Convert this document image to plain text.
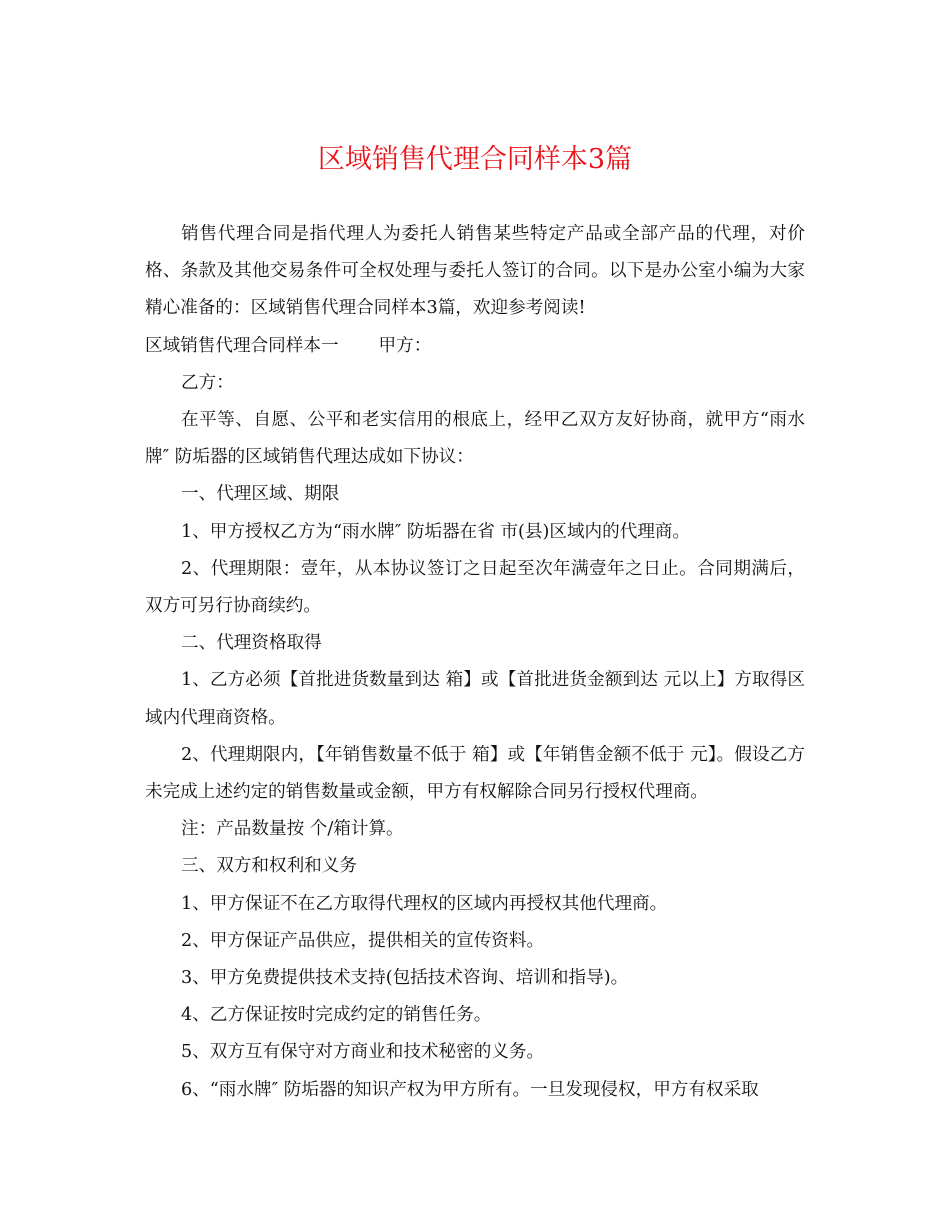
区域销售代理合同样本3篇

销售代理合同是指代理人为委托人销售某些特定产品或全部产品的代理，对价格、条款及其他交易条件可全权处理与委托人签订的合同。以下是办公室小编为大家精心准备的：区域销售代理合同样本3篇，欢迎参考阅读!

区域销售代理合同样本一 甲方：

乙方：

在平等、自愿、公平和老实信用的根底上，经甲乙双方友好协商，就甲方“雨水牌″ 防垢器的区域销售代理达成如下协议：

一、代理区域、期限

1、甲方授权乙方为“雨水牌″ 防垢器在省 市(县)区域内的代理商。

2、代理期限：壹年，从本协议签订之日起至次年满壹年之日止。合同期满后，双方可另行协商续约。

二、代理资格取得

1、乙方必须【首批进货数量到达 箱】或【首批进货金额到达 元以上】方取得区域内代理商资格。

2、代理期限内，【年销售数量不低于 箱】或【年销售金额不低于 元】。假设乙方未完成上述约定的销售数量或金额，甲方有权解除合同另行授权代理商。

注：产品数量按 个/箱计算。

三、双方和权利和义务

1、甲方保证不在乙方取得代理权的区域内再授权其他代理商。

2、甲方保证产品供应，提供相关的宣传资料。

3、甲方免费提供技术支持(包括技术咨询、培训和指导)。

4、乙方保证按时完成约定的销售任务。

5、双方互有保守对方商业和技术秘密的义务。

6、“雨水牌″ 防垢器的知识产权为甲方所有。一旦发现侵权，甲方有权采取
